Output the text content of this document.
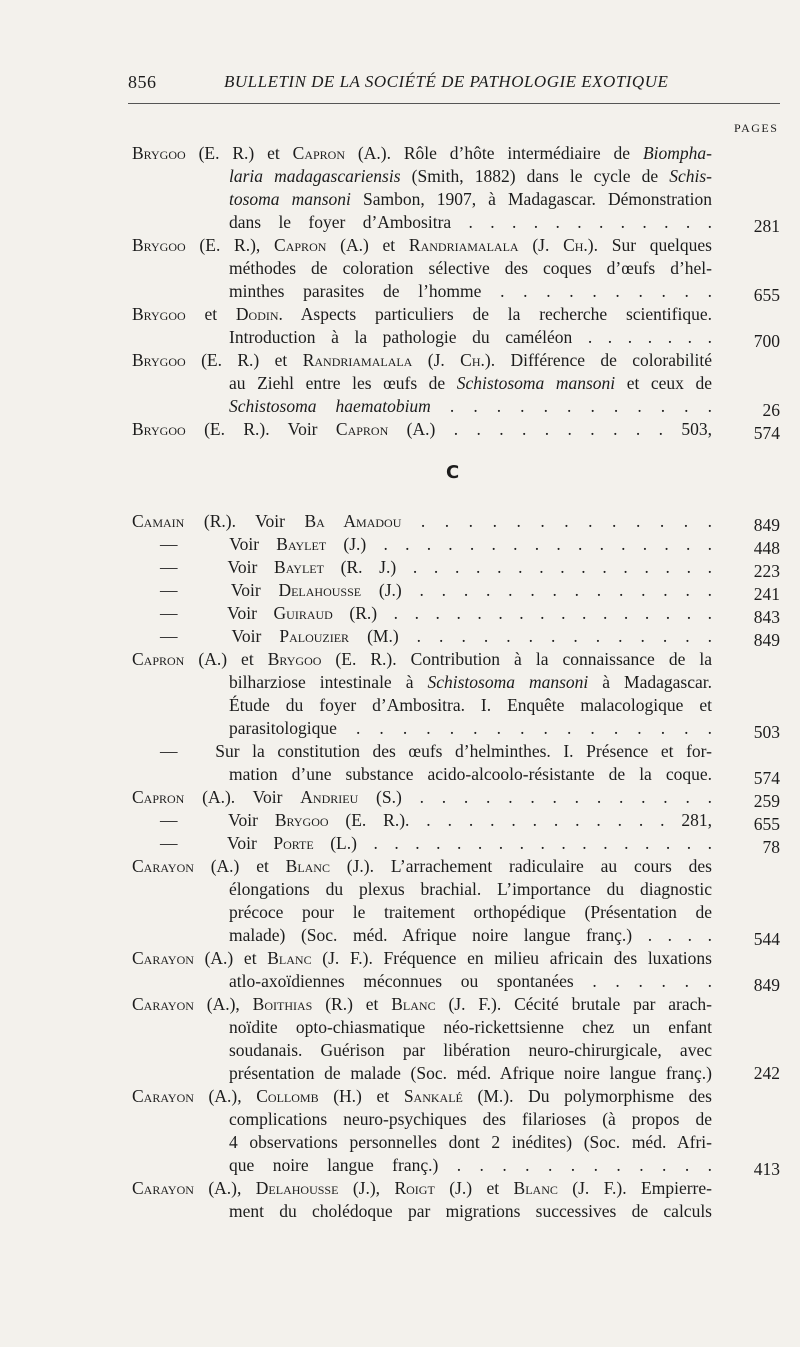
856	BULLETIN DE LA SOCIÉTÉ DE PATHOLOGIE EXOTIQUE
PAGES
C
Brygoo (E. R.) et Capron (A.). Rôle d’hôte intermédiaire de Biompha-
laria madagascariensis (Smith, 1882) dans le cycle de Schis-
tosoma mansoni Sambon, 1907, à Madagascar. Démonstration
dans le foyer d’Ambositra . . . . . . . . . . . . 281
Brygoo (E. R.), Capron (A.) et Randriamalala (J. Ch.). Sur quelques
méthodes de coloration sélective des coques d’œufs d’hel-
minthes parasites de l’homme . . . . . . . . . . 655
Brygoo et Dodin. Aspects particuliers de la recherche scientifique.
Introduction à la pathologie du caméléon . . . . . . . 700
Brygoo (E. R.) et Randriamalala (J. Ch.). Différence de colorabilité
au Ziehl entre les œufs de Schistosoma mansoni et ceux de
Schistosoma haematobium . . . . . . . . . . . .	26
Brygoo (E. R.). Voir Capron (A.) . . . . . . . . . . 503, 574
Camain (R.). Voir Ba Amadou . . . . . . . . . . . . . 849
—   Voir Baylet (J.) . . . . . . . . . . . . . . . . 448
—   Voir Baylet (R. J.) . . . . . . . . . . . . . . . 223
—   Voir Delahousse (J.) . . . . . . . . . . . . . . 241
—   Voir Guiraud (R.) . . . . . . . . . . . . . . . . 843
—   Voir Palouzier (M.) . . . . . . . . . . . . . . 849
Capron (A.) et Brygoo (E. R.). Contribution à la connaissance de la
bilharziose intestinale à Schistosoma mansoni à Madagascar.
Étude du foyer d’Ambositra. I. Enquête malacologique et
parasitologique . . . . . . . . . . . . . . . . 503
—   Sur la constitution des œufs d’helminthes. I. Présence et for-
mation d’une substance acido-alcoolo-résistante de la coque. 574
Capron (A.). Voir Andrieu (S.) . . . . . . . . . . . . . . 259
—   Voir Brygoo (E. R.). . . . . . . . . . . . . 281, 655
—   Voir Porte (L.) . . . . . . . . . . . . . . . . .	78
Carayon (A.) et Blanc (J.). L’arrachement radiculaire au cours des
élongations du plexus brachial. L’importance du diagnostic
précoce pour le traitement orthopédique (Présentation de
malade) (Soc. méd. Afrique noire langue franç.) . . . . 544
Carayon (A.) et Blanc (J. F.). Fréquence en milieu africain des luxations
atlo-axoïdiennes méconnues ou spontanées . . . . . . 849
Carayon (A.), Boithias (R.) et Blanc (J. F.). Cécité brutale par arach-
noïdite opto-chiasmatique néo-rickettsienne chez un enfant
soudanais. Guérison par libération neuro-chirurgicale, avec
présentation de malade (Soc. méd. Afrique noire langue franç.) 242
Carayon (A.), Collomb (H.) et Sankalé (M.). Du polymorphisme des
complications neuro-psychiques des filarioses (à propos de
4 observations personnelles dont 2 inédites) (Soc. méd. Afri-
que noire langue franç.) . . . . . . . . . . . . 413
Carayon (A.), Delahousse (J.), Roigt (J.) et Blanc (J. F.). Empierre-
ment du cholédoque par migrations successives de calculs
